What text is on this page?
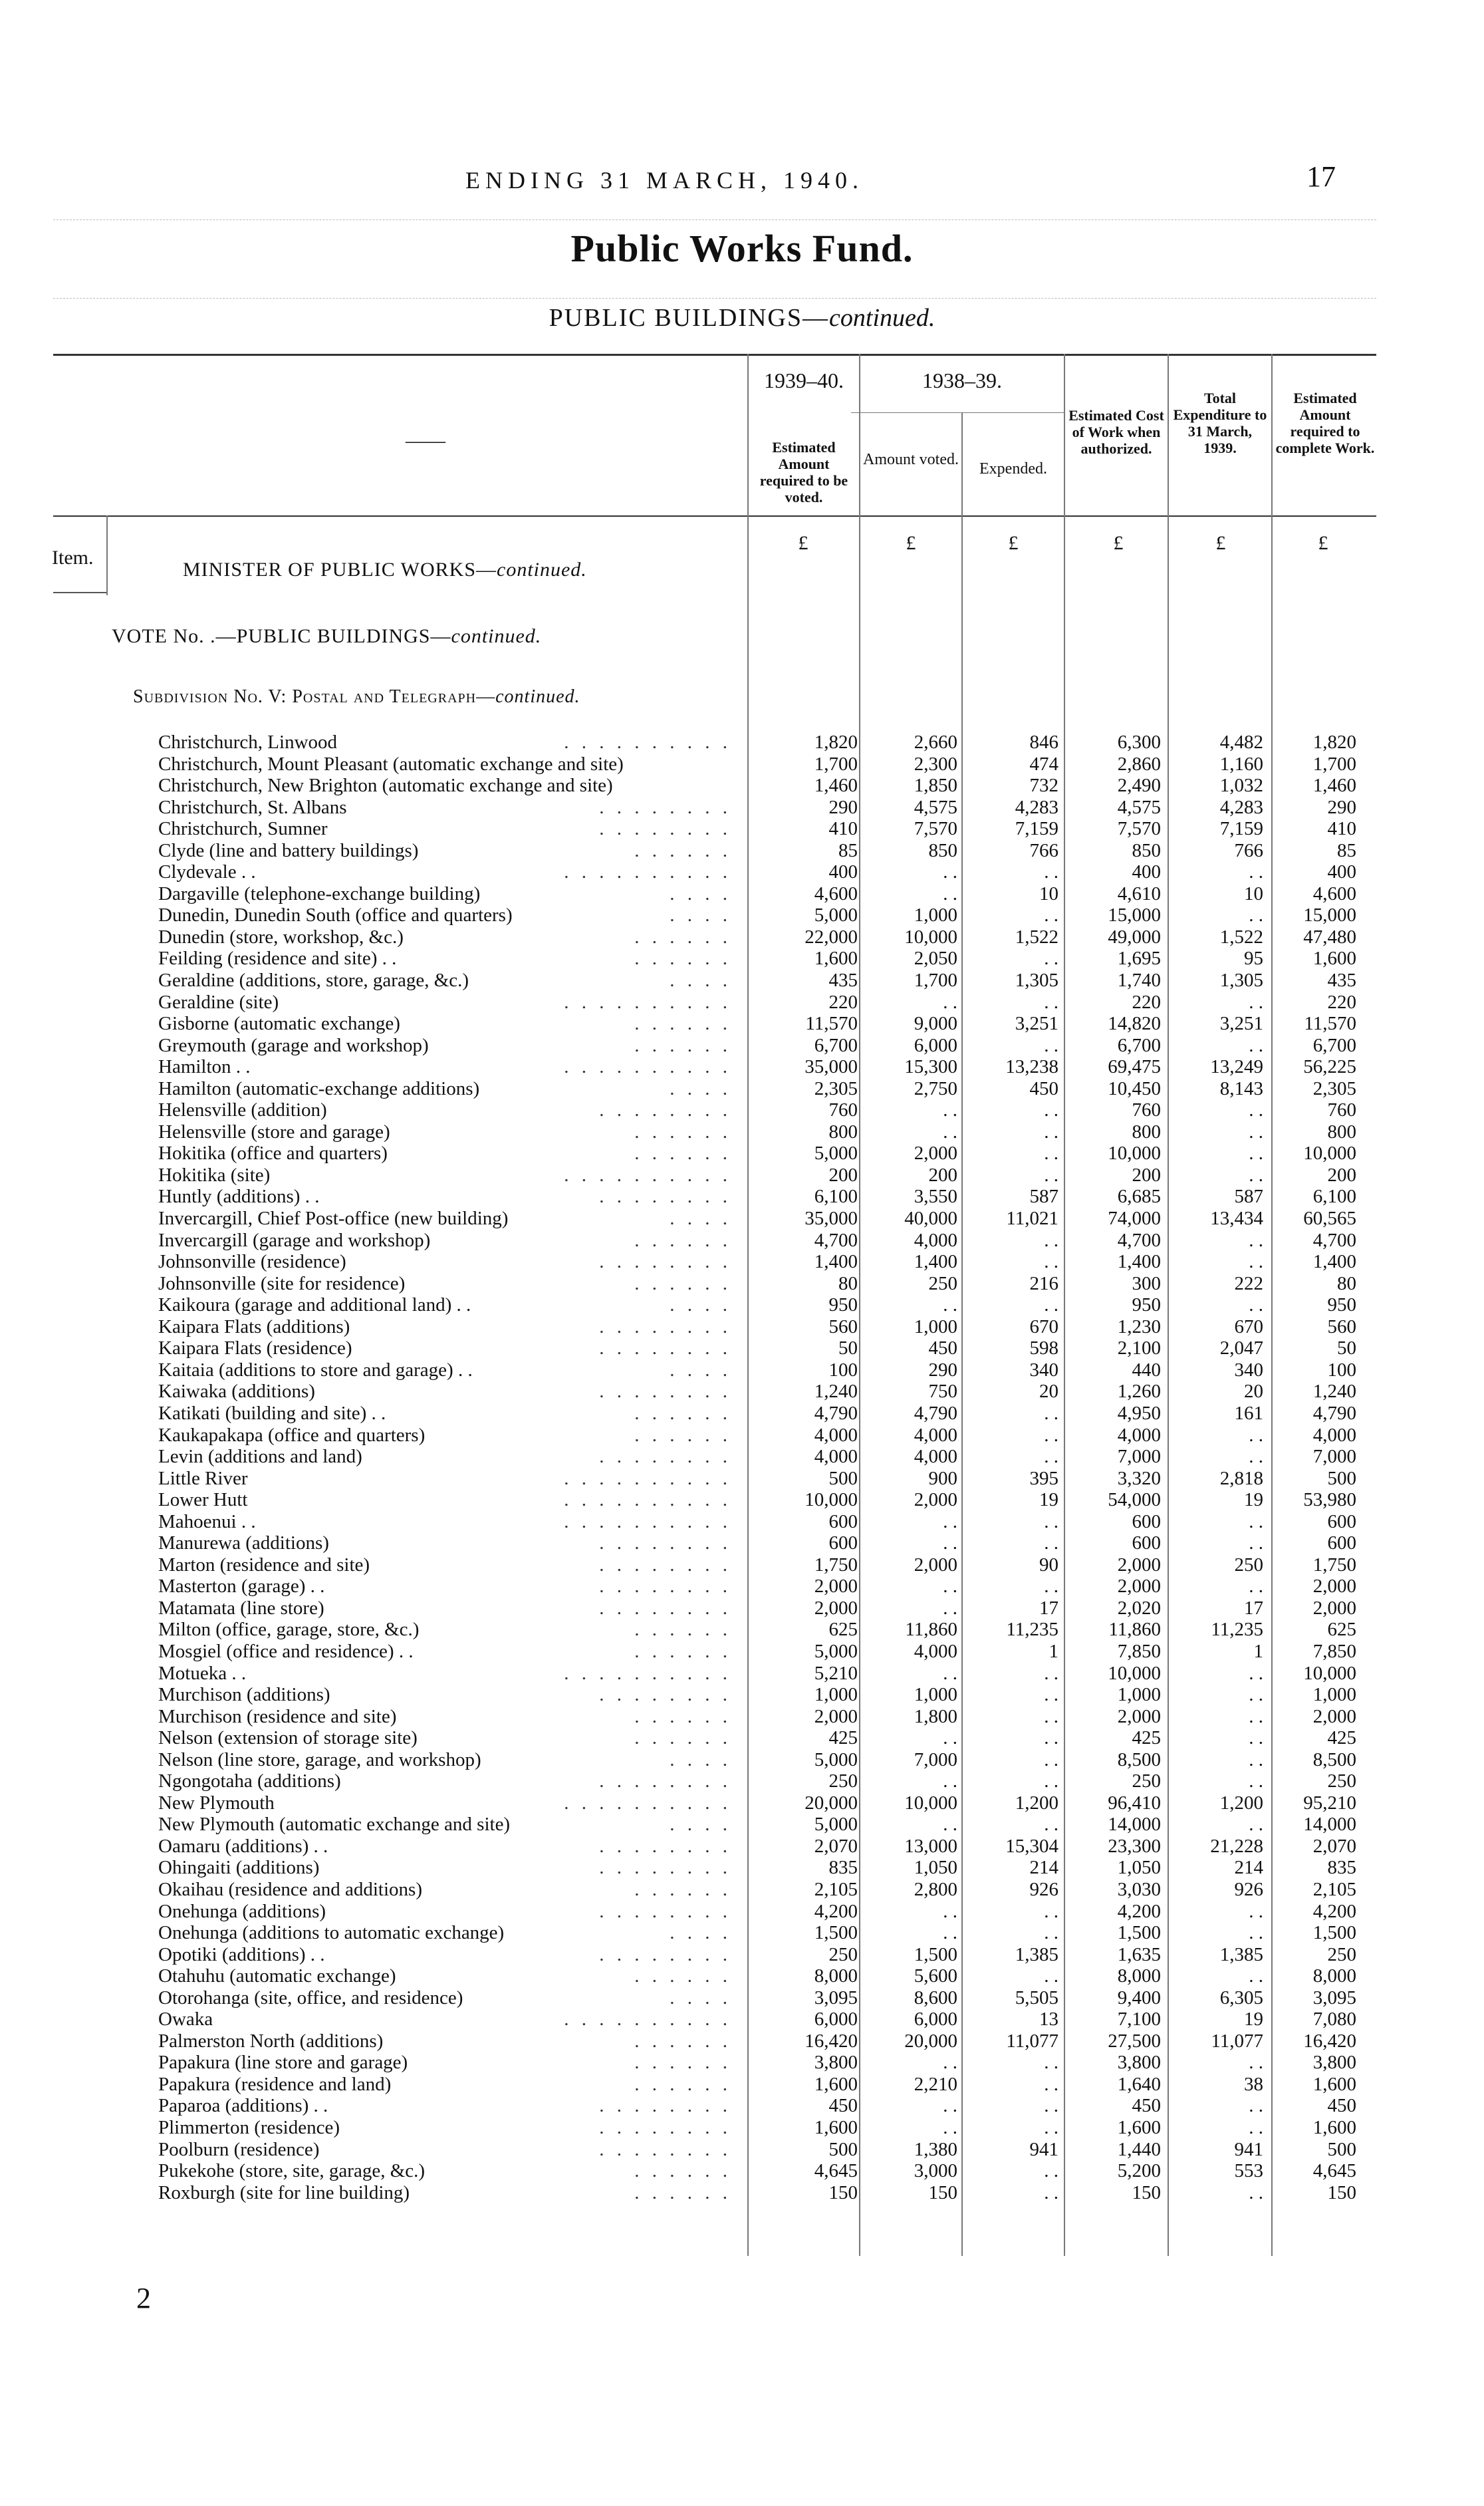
ENDING 31 MARCH, 1940.	17
Public Works Fund.
PUBLIC BUILDINGS—continued.
——
1939–40.	1938–39.
Estimated Amount required to be voted.
Amount voted.
Expended.
Estimated Cost of Work when authorized.
Total Expenditure to 31 March, 1939.
Estimated Amount required to complete Work.
£	£	£	£	£	£
Item.
MINISTER OF PUBLIC WORKS—continued.
VOTE No. .—PUBLIC BUILDINGS—continued.
Subdivision No. V: Postal and Telegraph—continued.
Christchurch, Linwood	. . . . . . . . . .	1,820	2,660	846	6,300	4,482	1,820
Christchurch, Mount Pleasant (automatic exchange and site)	1,700	2,300	474	2,860	1,160	1,700
Christchurch, New Brighton (automatic exchange and site)	1,460	1,850	732	2,490	1,032	1,460
Christchurch, St. Albans	. . . . . . . .	290	4,575	4,283	4,575	4,283	290
Christchurch, Sumner	. . . . . . . .	410	7,570	7,159	7,570	7,159	410
Clyde (line and battery buildings)	. . . . . .	85	850	766	850	766	85
Clydevale . .	. . . . . . . . . .	400	. .	. .	400	. .	400
Dargaville (telephone-exchange building)	. . . .	4,600	. .	10	4,610	10	4,600
Dunedin, Dunedin South (office and quarters)	. . . .	5,000	1,000	. .	15,000	. .	15,000
Dunedin (store, workshop, &c.)	. . . . . .	22,000	10,000	1,522	49,000	1,522	47,480
Feilding (residence and site) . .	. . . . . .	1,600	2,050	. .	1,695	95	1,600
Geraldine (additions, store, garage, &c.)	. . . .	435	1,700	1,305	1,740	1,305	435
Geraldine (site)	. . . . . . . . . .	220	. .	. .	220	. .	220
Gisborne (automatic exchange)	. . . . . .	11,570	9,000	3,251	14,820	3,251	11,570
Greymouth (garage and workshop)	. . . . . .	6,700	6,000	. .	6,700	. .	6,700
Hamilton . .	. . . . . . . . . .	35,000	15,300	13,238	69,475	13,249	56,225
Hamilton (automatic-exchange additions)	. . . .	2,305	2,750	450	10,450	8,143	2,305
Helensville (addition)	. . . . . . . .	760	. .	. .	760	. .	760
Helensville (store and garage)	. . . . . .	800	. .	. .	800	. .	800
Hokitika (office and quarters)	. . . . . .	5,000	2,000	. .	10,000	. .	10,000
Hokitika (site)	. . . . . . . . . .	200	200	. .	200	. .	200
Huntly (additions) . .	. . . . . . . .	6,100	3,550	587	6,685	587	6,100
Invercargill, Chief Post-office (new building)	. . . .	35,000	40,000	11,021	74,000	13,434	60,565
Invercargill (garage and workshop)	. . . . . .	4,700	4,000	. .	4,700	. .	4,700
Johnsonville (residence)	. . . . . . . .	1,400	1,400	. .	1,400	. .	1,400
Johnsonville (site for residence)	. . . . . .	80	250	216	300	222	80
Kaikoura (garage and additional land) . .	. . . .	950	. .	. .	950	. .	950
Kaipara Flats (additions)	. . . . . . . .	560	1,000	670	1,230	670	560
Kaipara Flats (residence)	. . . . . . . .	50	450	598	2,100	2,047	50
Kaitaia (additions to store and garage) . .	. . . .	100	290	340	440	340	100
Kaiwaka (additions)	. . . . . . . .	1,240	750	20	1,260	20	1,240
Katikati (building and site) . .	. . . . . .	4,790	4,790	. .	4,950	161	4,790
Kaukapakapa (office and quarters)	. . . . . .	4,000	4,000	. .	4,000	. .	4,000
Levin (additions and land)	. . . . . . . .	4,000	4,000	. .	7,000	. .	7,000
Little River	. . . . . . . . . .	500	900	395	3,320	2,818	500
Lower Hutt	. . . . . . . . . .	10,000	2,000	19	54,000	19	53,980
Mahoenui . .	. . . . . . . . . .	600	. .	. .	600	. .	600
Manurewa (additions)	. . . . . . . .	600	. .	. .	600	. .	600
Marton (residence and site)	. . . . . . . .	1,750	2,000	90	2,000	250	1,750
Masterton (garage) . .	. . . . . . . .	2,000	. .	. .	2,000	. .	2,000
Matamata (line store)	. . . . . . . .	2,000	. .	17	2,020	17	2,000
Milton (office, garage, store, &c.)	. . . . . .	625	11,860	11,235	11,860	11,235	625
Mosgiel (office and residence) . .	. . . . . .	5,000	4,000	1	7,850	1	7,850
Motueka . .	. . . . . . . . . .	5,210	. .	. .	10,000	. .	10,000
Murchison (additions)	. . . . . . . .	1,000	1,000	. .	1,000	. .	1,000
Murchison (residence and site)	. . . . . .	2,000	1,800	. .	2,000	. .	2,000
Nelson (extension of storage site)	. . . . . .	425	. .	. .	425	. .	425
Nelson (line store, garage, and workshop)	. . . .	5,000	7,000	. .	8,500	. .	8,500
Ngongotaha (additions)	. . . . . . . .	250	. .	. .	250	. .	250
New Plymouth	. . . . . . . . . .	20,000	10,000	1,200	96,410	1,200	95,210
New Plymouth (automatic exchange and site)	. . . .	5,000	. .	. .	14,000	. .	14,000
Oamaru (additions) . .	. . . . . . . .	2,070	13,000	15,304	23,300	21,228	2,070
Ohingaiti (additions)	. . . . . . . .	835	1,050	214	1,050	214	835
Okaihau (residence and additions)	. . . . . .	2,105	2,800	926	3,030	926	2,105
Onehunga (additions)	. . . . . . . .	4,200	. .	. .	4,200	. .	4,200
Onehunga (additions to automatic exchange)	. . . .	1,500	. .	. .	1,500	. .	1,500
Opotiki (additions) . .	. . . . . . . .	250	1,500	1,385	1,635	1,385	250
Otahuhu (automatic exchange)	. . . . . .	8,000	5,600	. .	8,000	. .	8,000
Otorohanga (site, office, and residence)	. . . .	3,095	8,600	5,505	9,400	6,305	3,095
Owaka	. . . . . . . . . .	6,000	6,000	13	7,100	19	7,080
Palmerston North (additions)	. . . . . .	16,420	20,000	11,077	27,500	11,077	16,420
Papakura (line store and garage)	. . . . . .	3,800	. .	. .	3,800	. .	3,800
Papakura (residence and land)	. . . . . .	1,600	2,210	. .	1,640	38	1,600
Paparoa (additions) . .	. . . . . . . .	450	. .	. .	450	. .	450
Plimmerton (residence)	. . . . . . . .	1,600	. .	. .	1,600	. .	1,600
Poolburn (residence)	. . . . . . . .	500	1,380	941	1,440	941	500
Pukekohe (store, site, garage, &c.)	. . . . . .	4,645	3,000	. .	5,200	553	4,645
Roxburgh (site for line building)	. . . . . .	150	150	. .	150	. .	150
2
